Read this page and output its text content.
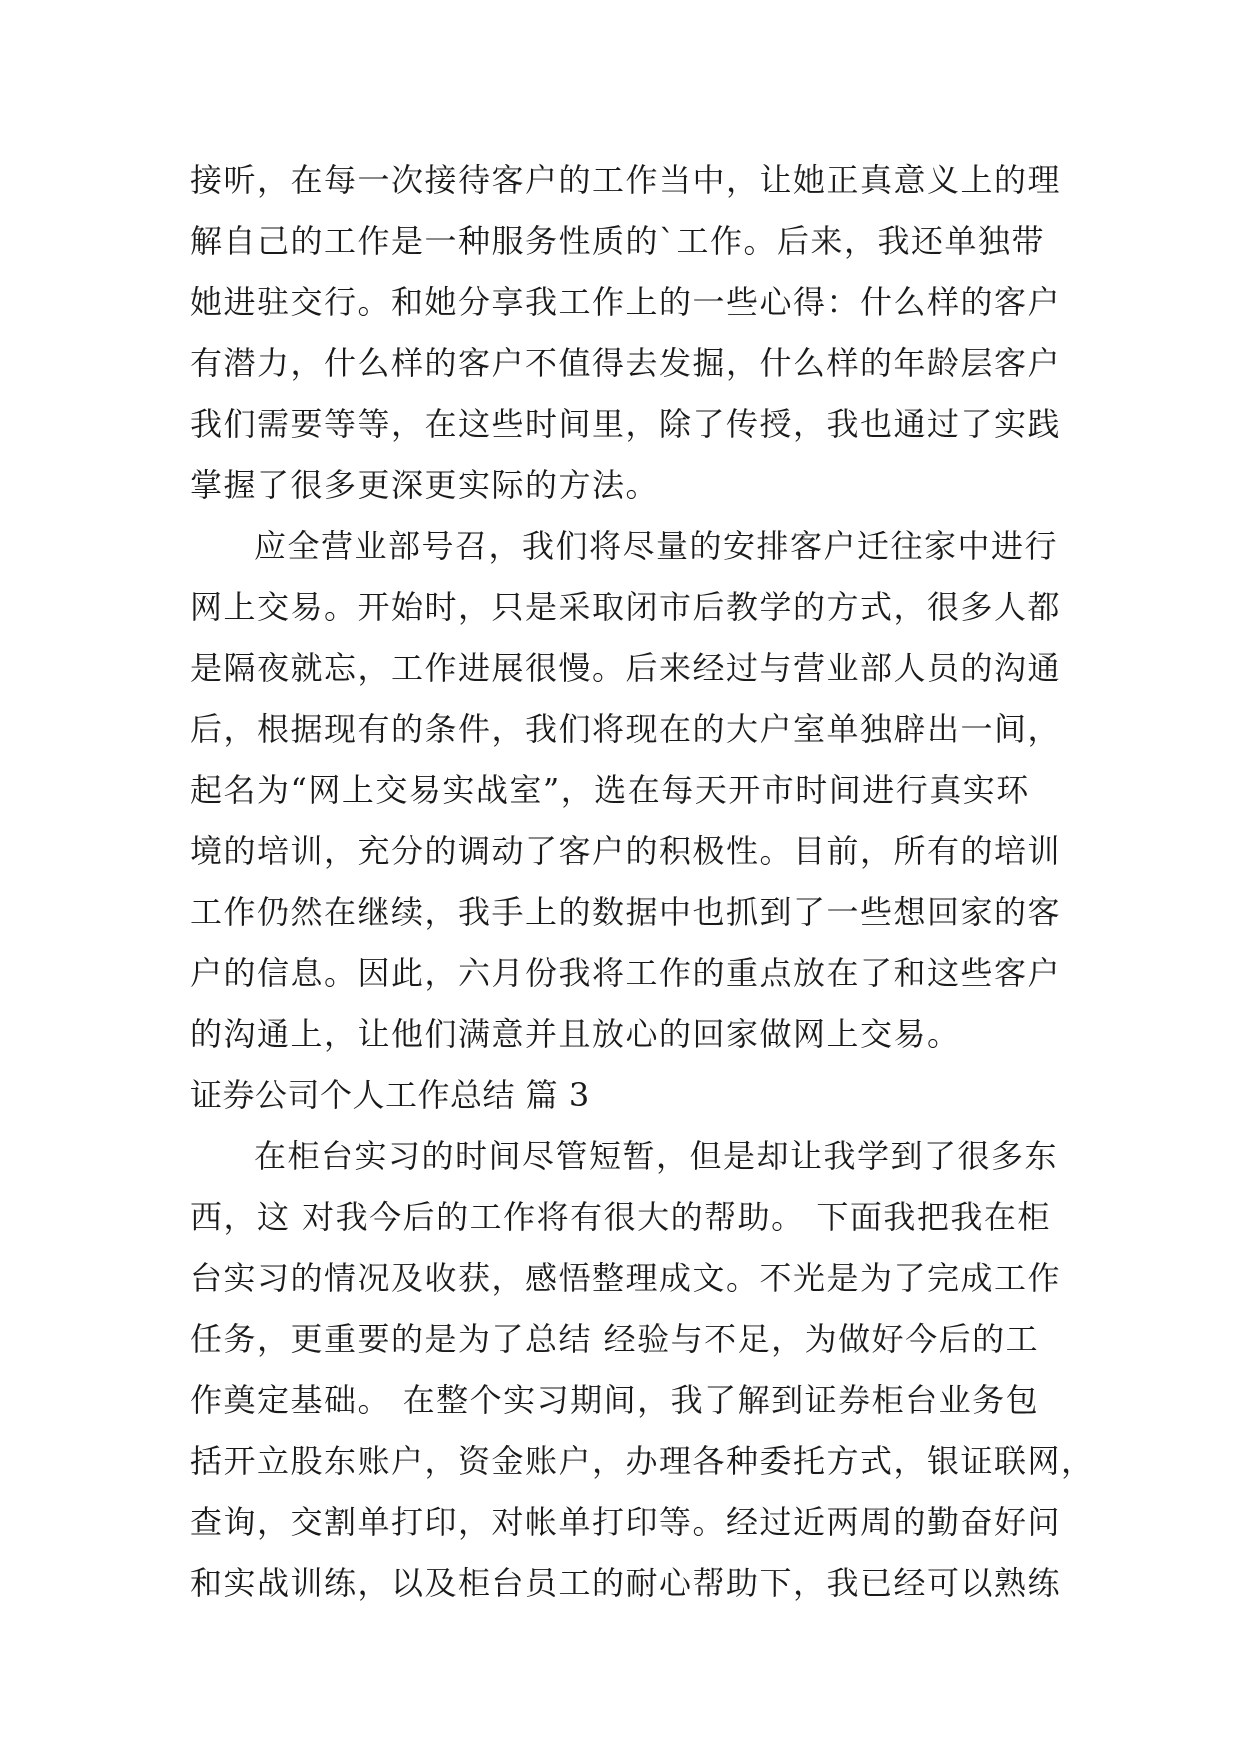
接听，在每一次接待客户的工作当中，让她正真意义上的理
解自己的工作是一种服务性质的`工作。后来，我还单独带
她进驻交行。和她分享我工作上的一些心得：什么样的客户
有潜力，什么样的客户不值得去发掘，什么样的年龄层客户
我们需要等等，在这些时间里，除了传授，我也通过了实践
掌握了很多更深更实际的方法。
应全营业部号召，我们将尽量的安排客户迁往家中进行
网上交易。开始时，只是采取闭市后教学的方式，很多人都
是隔夜就忘，工作进展很慢。后来经过与营业部人员的沟通
后，根据现有的条件，我们将现在的大户室单独辟出一间，
起名为“网上交易实战室”，选在每天开市时间进行真实环
境的培训，充分的调动了客户的积极性。目前，所有的培训
工作仍然在继续，我手上的数据中也抓到了一些想回家的客
户的信息。因此，六月份我将工作的重点放在了和这些客户
的沟通上，让他们满意并且放心的回家做网上交易。
证券公司个人工作总结 篇 3
在柜台实习的时间尽管短暂，但是却让我学到了很多东
西，这 对我今后的工作将有很大的帮助。 下面我把我在柜
台实习的情况及收获，感悟整理成文。不光是为了完成工作
任务，更重要的是为了总结 经验与不足，为做好今后的工
作奠定基础。 在整个实习期间，我了解到证券柜台业务包
括开立股东账户，资金账户，办理各种委托方式，银证联网，
查询，交割单打印，对帐单打印等。经过近两周的勤奋好问
和实战训练，以及柜台员工的耐心帮助下，我已经可以熟练
